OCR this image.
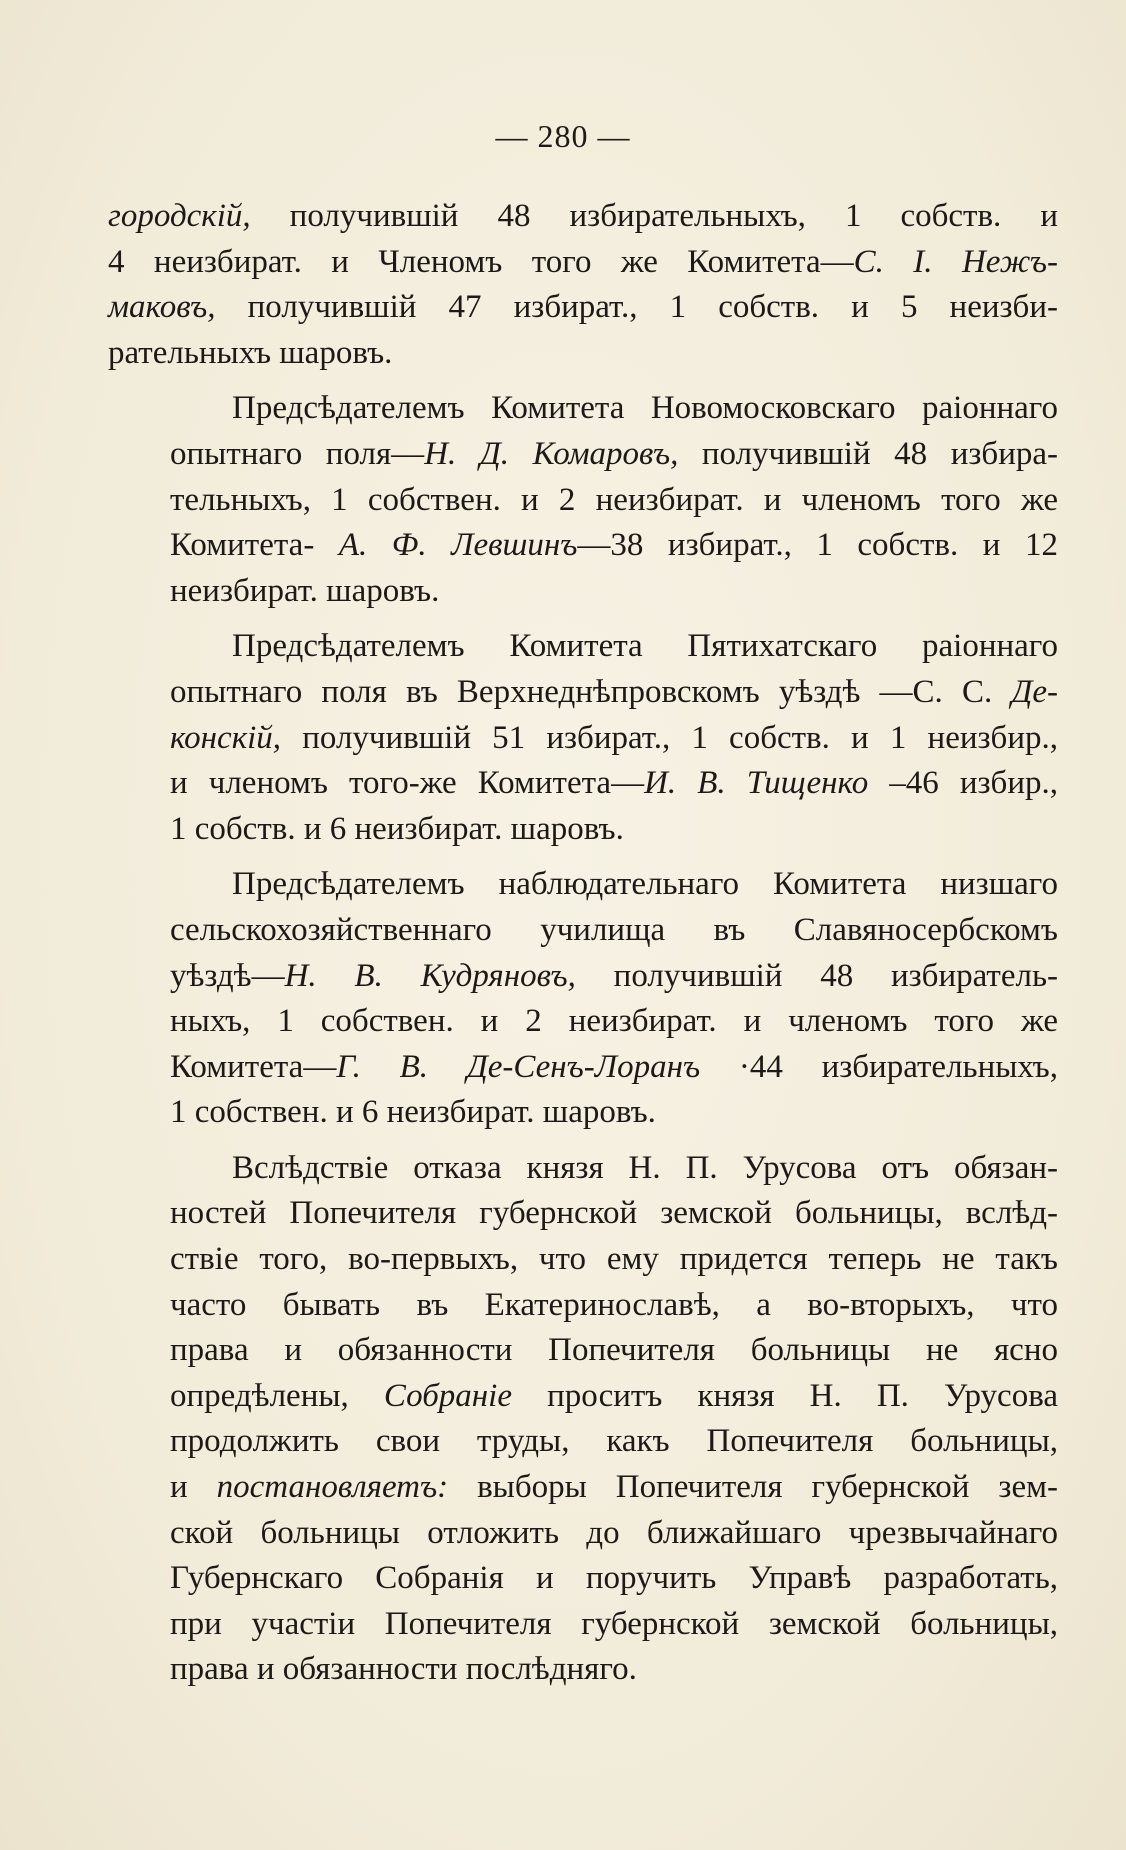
— 280 —
городскій, получившій 48 избирательныхъ, 1 собств. и
4 неизбират. и Членомъ того же Комитета—С. І. Нежъ-
маковъ, получившій 47 избират., 1 собств. и 5 неизби-
рательныхъ шаровъ.
Предсѣдателемъ Комитета Новомосковскаго раіоннаго
опытнаго поля—Н. Д. Комаровъ, получившій 48 избира-
тельныхъ, 1 собствен. и 2 неизбират. и членомъ того же
Комитета- А. Ф. Левшинъ—38 избират., 1 собств. и 12
неизбират. шаровъ.
Предсѣдателемъ Комитета Пятихатскаго раіоннаго
опытнаго поля въ Верхнеднѣпровскомъ уѣздѣ —С. С. Де-
конскій, получившій 51 избират., 1 собств. и 1 неизбир.,
и членомъ того-же Комитета—И. В. Тищенко –46 избир.,
1 собств. и 6 неизбират. шаровъ.
Предсѣдателемъ наблюдательнаго Комитета низшаго
сельскохозяйственнаго училища въ Славяносербскомъ
уѣздѣ—Н. В. Кудряновъ, получившій 48 избиратель-
ныхъ, 1 собствен. и 2 неизбират. и членомъ того же
Комитета—Г. В. Де-Сенъ-Лоранъ ·44 избирательныхъ,
1 собствен. и 6 неизбират. шаровъ.
Вслѣдствіе отказа князя Н. П. Урусова отъ обязан-
ностей Попечителя губернской земской больницы, вслѣд-
ствіе того, во-первыхъ, что ему придется теперь не такъ
часто бывать въ Екатеринославѣ, а во-вторыхъ, что
права и обязанности Попечителя больницы не ясно
опредѣлены, Собраніе проситъ князя Н. П. Урусова
продолжить свои труды, какъ Попечителя больницы,
и постановляетъ: выборы Попечителя губернской зем-
ской больницы отложить до ближайшаго чрезвычайнаго
Губернскаго Собранія и поручить Управѣ разработать,
при участіи Попечителя губернской земской больницы,
права и обязанности послѣдняго.
